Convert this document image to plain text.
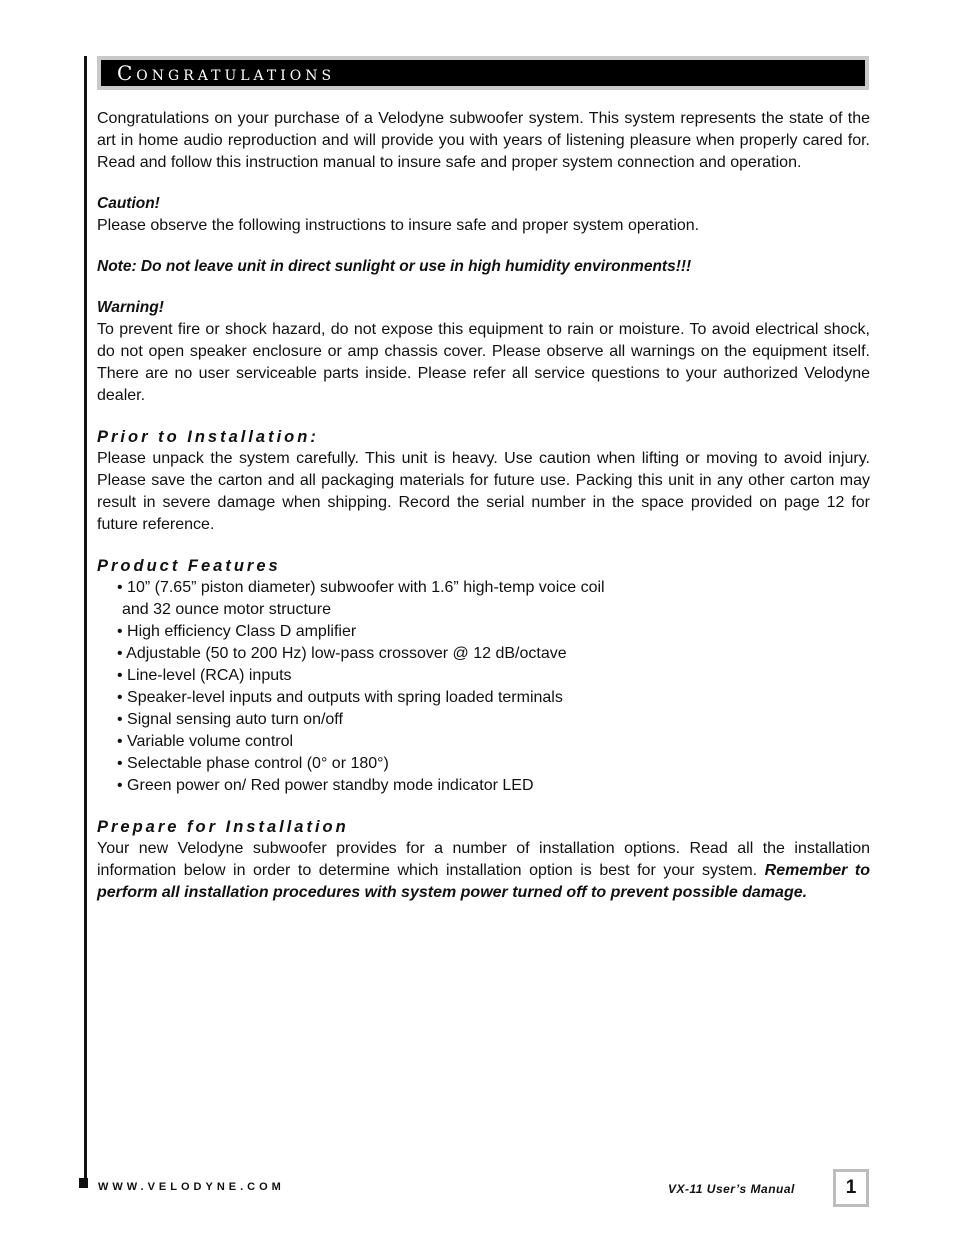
Congratulations

Congratulations on your purchase of a Velodyne subwoofer system. This system represents the state of the art in home audio reproduction and will provide you with years of listening pleasure when properly cared for. Read and follow this instruction manual to insure safe and proper system connection and operation.

Caution!

Please observe the following instructions to insure safe and proper system operation.

Note: Do not leave unit in direct sunlight or use in high humidity environments!!!

Warning!

To prevent fire or shock hazard, do not expose this equipment to rain or moisture. To avoid electrical shock, do not open speaker enclosure or amp chassis cover. Please observe all warnings on the equipment itself. There are no user serviceable parts inside. Please refer all service questions to your authorized Velodyne dealer.

Prior to Installation:

Please unpack the system carefully. This unit is heavy. Use caution when lifting or moving to avoid injury. Please save the carton and all packaging materials for future use. Packing this unit in any other carton may result in severe damage when shipping. Record the serial number in the space provided on page 12 for future reference.

Product Features

• 10” (7.65” piston diameter) subwoofer with 1.6” high-temp voice coil
and 32 ounce motor structure
• High efficiency Class D amplifier
• Adjustable (50 to 200 Hz) low-pass crossover @ 12 dB/octave
• Line-level (RCA) inputs
• Speaker-level inputs and outputs with spring loaded terminals
• Signal sensing auto turn on/off
• Variable volume control
• Selectable phase control (0° or 180°)
• Green power on/ Red power standby mode indicator LED

Prepare for Installation

Your new Velodyne subwoofer provides for a number of installation options. Read all the installation information below in order to determine which installation option is best for your system. Remember to perform all installation procedures with system power turned off to prevent possible damage.

WWW.VELODYNE.COM	VX-11 User’s Manual	1
